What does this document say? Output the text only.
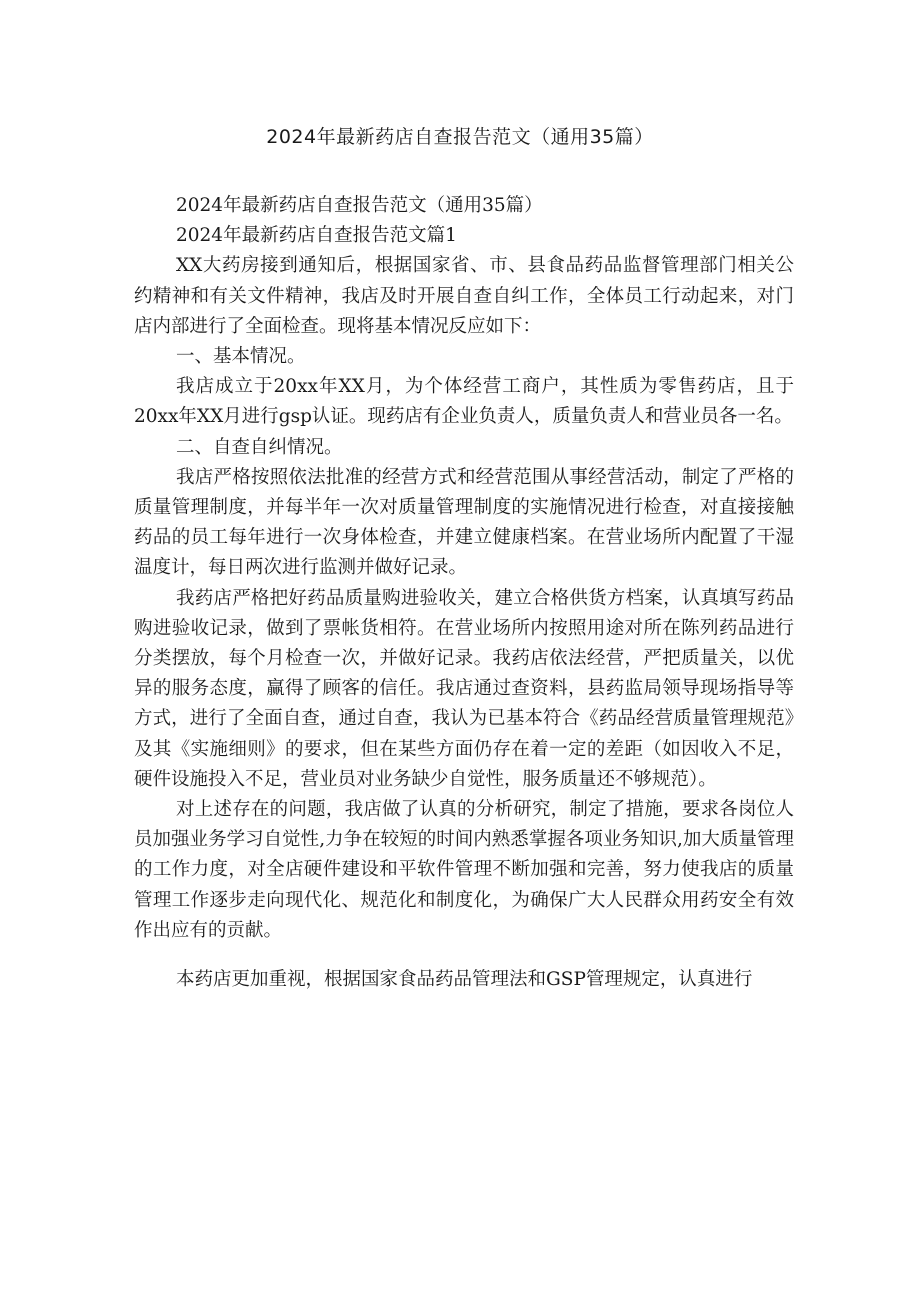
2024年最新药店自查报告范文（通用35篇）

2024年最新药店自查报告范文（通用35篇）

2024年最新药店自查报告范文篇1

XX大药房接到通知后，根据国家省、市、县食品药品监督管理部门相关公约精神和有关文件精神，我店及时开展自查自纠工作，全体员工行动起来，对门店内部进行了全面检查。现将基本情况反应如下：

一、基本情况。

我店成立于20xx年XX月，为个体经营工商户，其性质为零售药店，且于20xx年XX月进行gsp认证。现药店有企业负责人，质量负责人和营业员各一名。

二、自查自纠情况。

我店严格按照依法批准的经营方式和经营范围从事经营活动，制定了严格的质量管理制度，并每半年一次对质量管理制度的实施情况进行检查，对直接接触药品的员工每年进行一次身体检查，并建立健康档案。在营业场所内配置了干湿温度计，每日两次进行监测并做好记录。

我药店严格把好药品质量购进验收关，建立合格供货方档案，认真填写药品购进验收记录，做到了票帐货相符。在营业场所内按照用途对所在陈列药品进行分类摆放，每个月检查一次，并做好记录。我药店依法经营，严把质量关，以优异的服务态度，赢得了顾客的信任。我店通过查资料，县药监局领导现场指导等方式，进行了全面自查，通过自查，我认为已基本符合《药品经营质量管理规范》及其《实施细则》的要求，但在某些方面仍存在着一定的差距（如因收入不足，硬件设施投入不足，营业员对业务缺少自觉性，服务质量还不够规范）。

对上述存在的问题，我店做了认真的分析研究，制定了措施，要求各岗位人员加强业务学习自觉性,力争在较短的时间内熟悉掌握各项业务知识,加大质量管理的工作力度，对全店硬件建设和平软件管理不断加强和完善，努力使我店的质量管理工作逐步走向现代化、规范化和制度化，为确保广大人民群众用药安全有效作出应有的贡献。

本药店更加重视，根据国家食品药品管理法和GSP管理规定，认真进行
